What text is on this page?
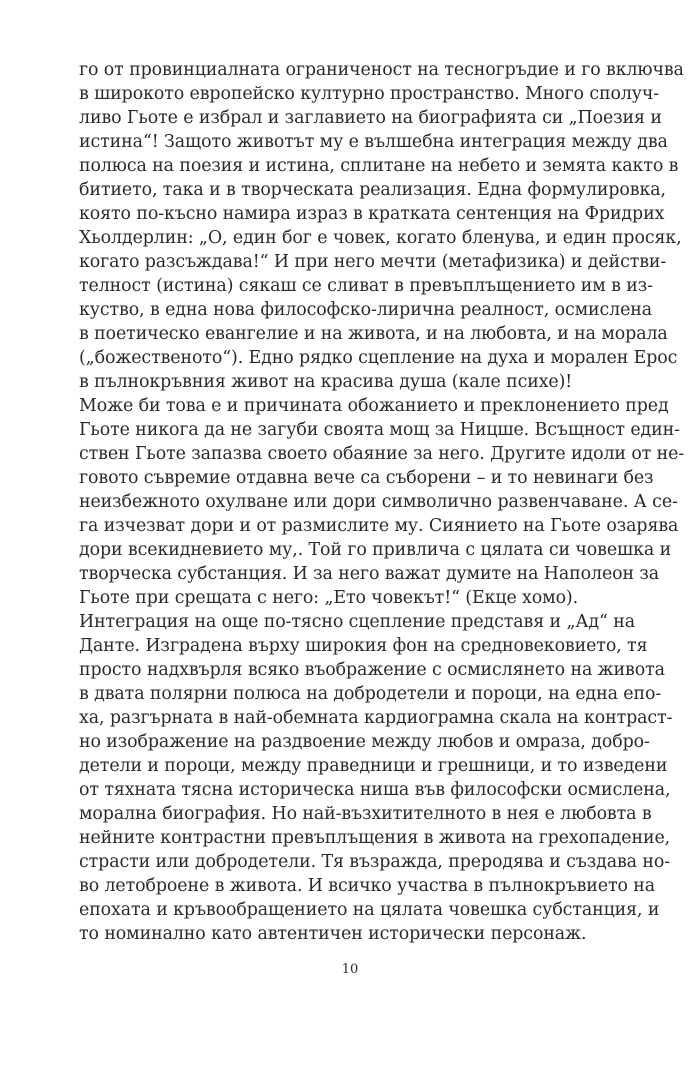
го от провинциалната ограниченост на тесногръдие и го включва
в широкото европейско културно пространство. Много сполуч-
ливо Гьоте е избрал и заглавието на биографията си „Поезия и
истина“! Защото животът му е вълшебна интеграция между два
полюса на поезия и истина, сплитане на небето и земята както в
битието, така и в творческата реализация. Една формулировка,
която по-късно намира израз в кратката сентенция на Фридрих
Хьолдерлин: „О, един бог е човек, когато бленува, и един просяк,
когато разсъждава!“ И при него мечти (метафизика) и действи-
телност (истина) сякаш се сливат в превъплъщението им в из-
куство, в една нова философско-лирична реалност, осмислена
в поетическо евангелие и на живота, и на любовта, и на морала
(„божественото“). Едно рядко сцепление на духа и морален Ерос
в пълнокръвния живот на красива душа (кале психе)!
Може би това е и причината обожанието и преклонението пред
Гьоте никога да не загуби своята мощ за Ницше. Всъщност един-
ствен Гьоте запазва своето обаяние за него. Другите идоли от не-
говото съвремие отдавна вече са съборени – и то невинаги без
неизбежното охулване или дори символично развенчаване. А се-
га изчезват дори и от размислите му. Сиянието на Гьоте озарява
дори всекидневието му,. Той го привлича с цялата си човешка и
творческа субстанция. И за него важат думите на Наполеон за
Гьоте при срещата с него: „Ето човекът!“ (Екце хомо).
Интеграция на още по-тясно сцепление представя и „Ад“ на
Данте. Изградена върху широкия фон на средновековието, тя
просто надхвърля всяко въображение с осмислянето на живота
в двата полярни полюса на добродетели и пороци, на една епо-
ха, разгърната в най-обемната кардиограмна скала на контраст-
но изображение на раздвоение между любов и омраза, добро-
детели и пороци, между праведници и грешници, и то изведени
от тяхната тясна историческа ниша във философски осмислена,
морална биография. Но най-възхитителното в нея е любовта в
нейните контрастни превъплъщения в живота на грехопадение,
страсти или добродетели. Тя възражда, преродява и създава но-
во летоброене в живота. И всичко участва в пълнокръвието на
епохата и кръвообращението на цялата човешка субстанция, и
то номинално като автентичен исторически персонаж.
10
